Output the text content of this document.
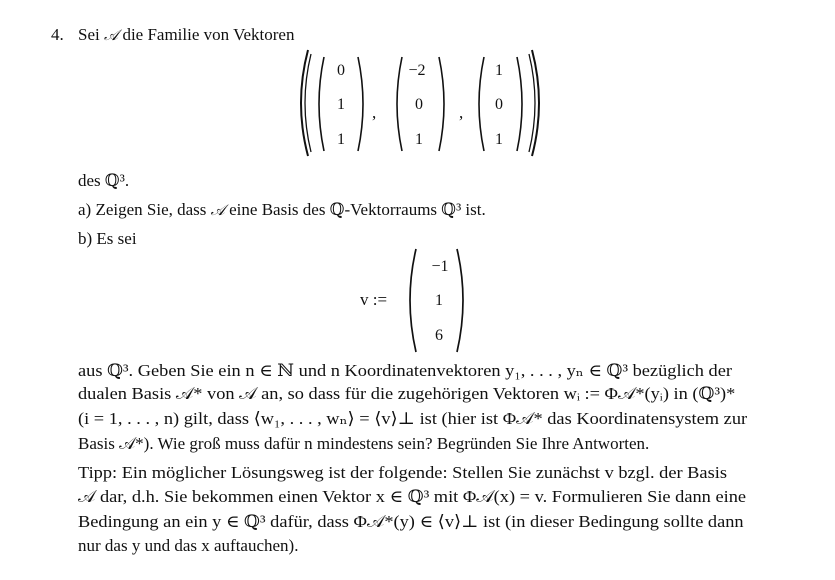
4. Sei 𝒜 die Familie von Vektoren
0
1
1
,
−2
0
1
,
1
0
1
des ℚ³.
a) Zeigen Sie, dass 𝒜 eine Basis des ℚ-Vektorraums ℚ³ ist.
b) Es sei
v :=
−1
1
6
aus ℚ³. Geben Sie ein n ∈ ℕ und n Koordinatenvektoren y₁, . . . , yₙ ∈ ℚ³ bezüglich der
dualen Basis 𝒜* von 𝒜 an, so dass für die zugehörigen Vektoren wᵢ := Φ𝒜*(yᵢ) in (ℚ³)*
(i = 1, . . . , n) gilt, dass ⟨w₁, . . . , wₙ⟩ = ⟨v⟩⊥ ist (hier ist Φ𝒜* das Koordinatensystem zur
Basis 𝒜*). Wie groß muss dafür n mindestens sein? Begründen Sie Ihre Antworten.
Tipp: Ein möglicher Lösungsweg ist der folgende: Stellen Sie zunächst v bzgl. der Basis
𝒜 dar, d.h. Sie bekommen einen Vektor x ∈ ℚ³ mit Φ𝒜(x) = v. Formulieren Sie dann eine
Bedingung an ein y ∈ ℚ³ dafür, dass Φ𝒜*(y) ∈ ⟨v⟩⊥ ist (in dieser Bedingung sollte dann
nur das y und das x auftauchen).
